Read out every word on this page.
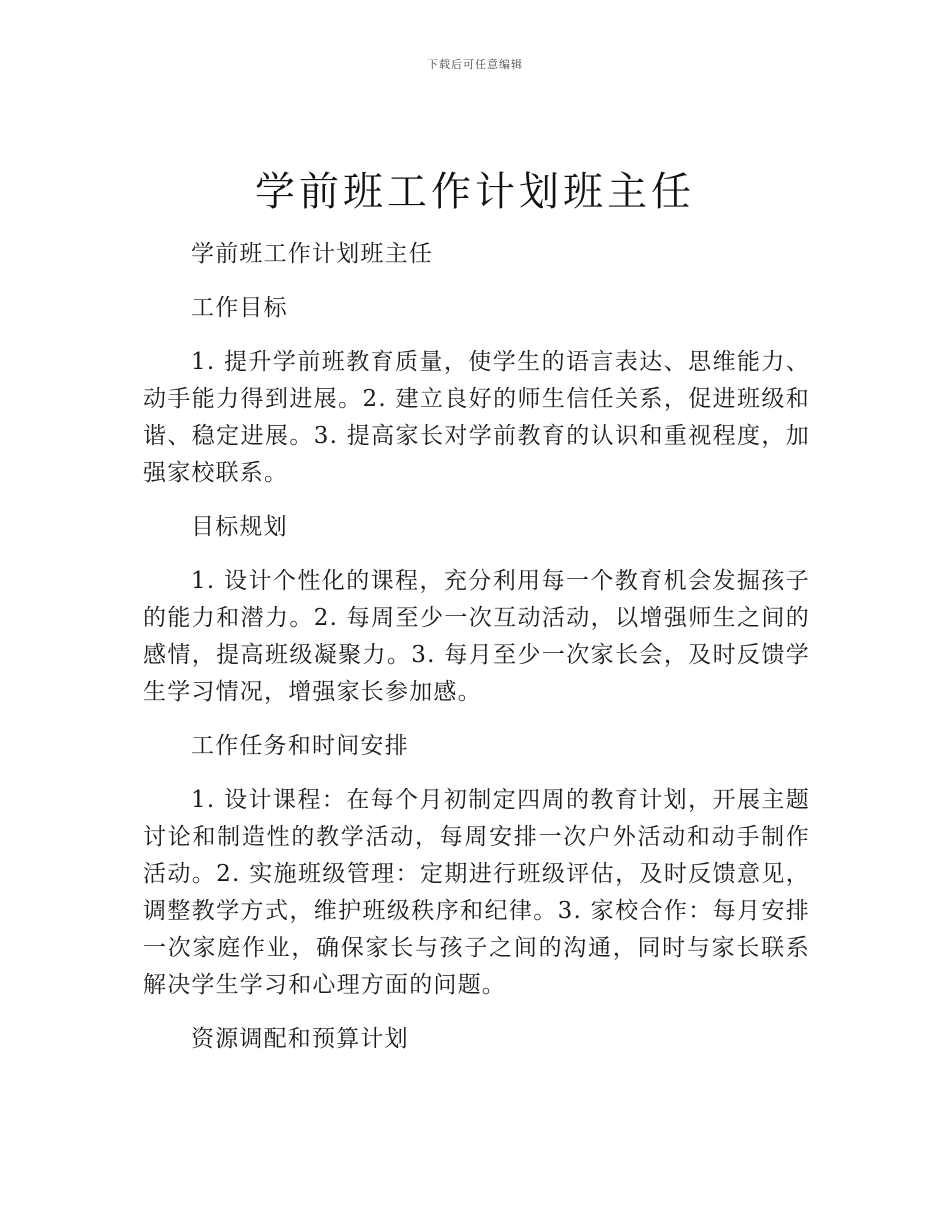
下载后可任意编辑
学前班工作计划班主任

学前班工作计划班主任

工作目标

1. 提升学前班教育质量，使学生的语言表达、思维能力、动手能力得到进展。2. 建立良好的师生信任关系，促进班级和谐、稳定进展。3. 提高家长对学前教育的认识和重视程度，加强家校联系。

目标规划

1. 设计个性化的课程，充分利用每一个教育机会发掘孩子的能力和潜力。2. 每周至少一次互动活动，以增强师生之间的感情，提高班级凝聚力。3. 每月至少一次家长会，及时反馈学生学习情况，增强家长参加感。

工作任务和时间安排

1. 设计课程：在每个月初制定四周的教育计划，开展主题讨论和制造性的教学活动，每周安排一次户外活动和动手制作活动。2. 实施班级管理：定期进行班级评估，及时反馈意见，调整教学方式，维护班级秩序和纪律。3. 家校合作：每月安排一次家庭作业，确保家长与孩子之间的沟通，同时与家长联系解决学生学习和心理方面的问题。

资源调配和预算计划
